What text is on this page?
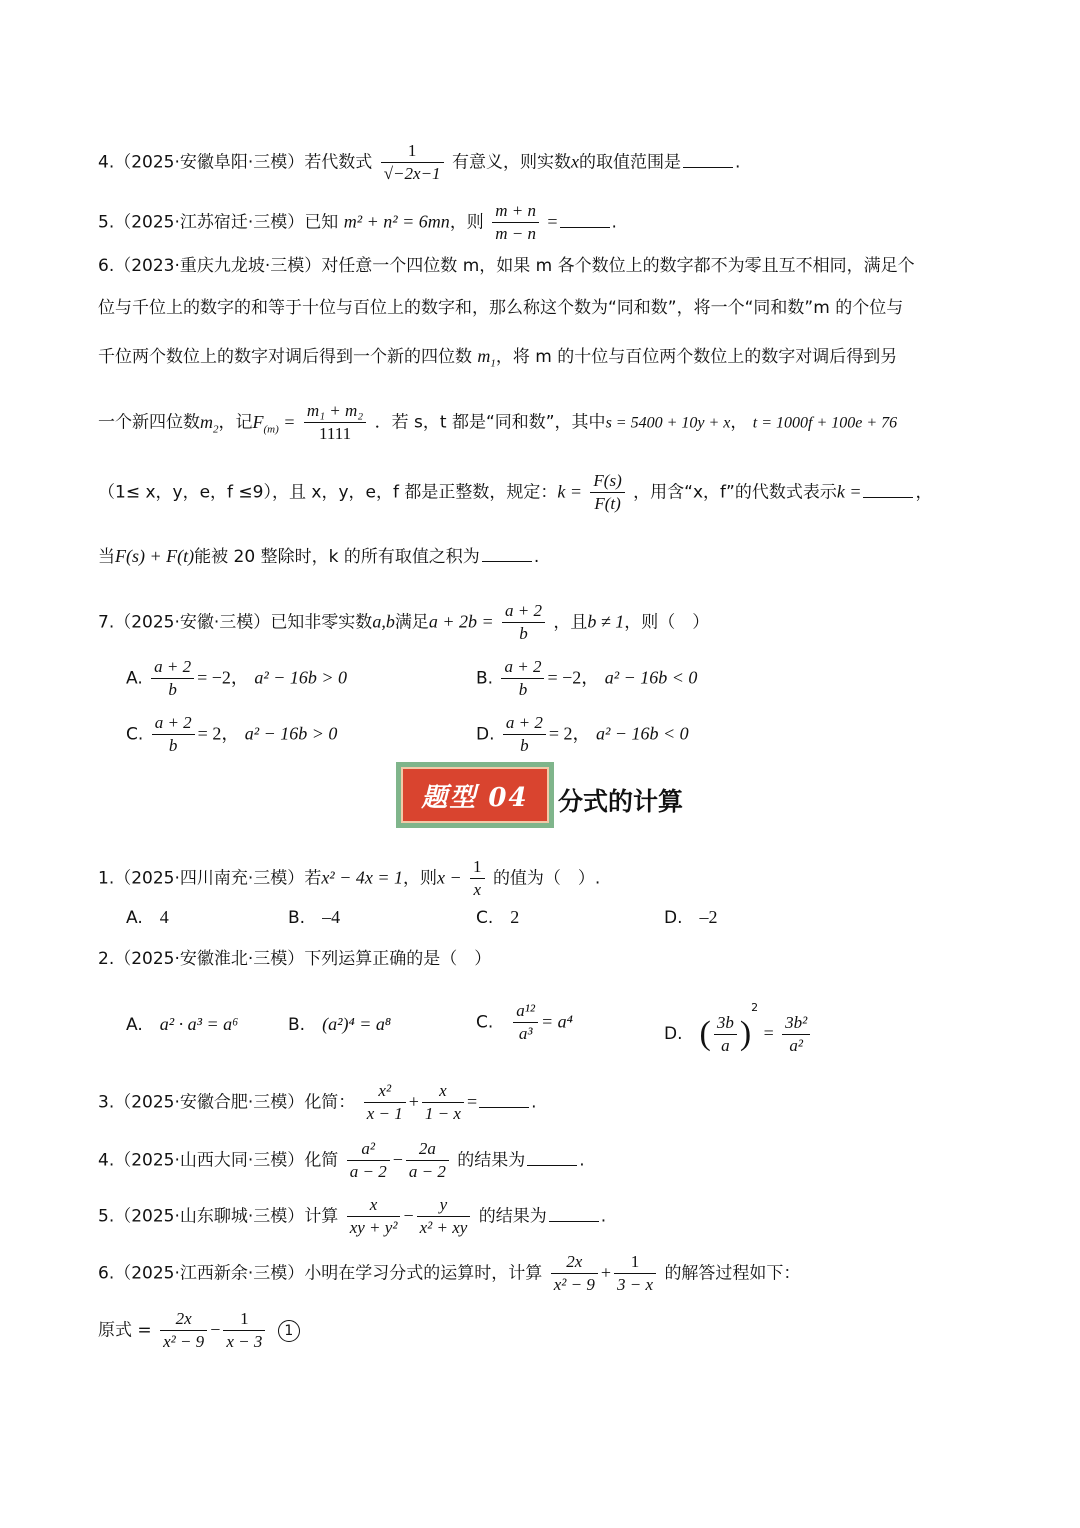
4.（2025·安徽阜阳·三模）若代数式 $\frac{1}{√-2x-1}$ 有意义，则实数x的取值范围是	.
5.（2025·江苏宿迁·三模）已知 m² + n² = 6mn，则 $\frac{m + n}{m - n}$ =	.
6.（2023·重庆九龙坡·三模）对任意一个四位数 m，如果 m 各个数位上的数字都不为零且互不相同，满足个
位与千位上的数字的和等于十位与百位上的数字和，那么称这个数为“同和数”，将一个“同和数”m 的个位与
千位两个数位上的数字对调后得到一个新的四位数 $m_1$，将 m 的十位与百位两个数位上的数字对调后得到另
一个新四位数$m_2$，记$F_{(m)} = \frac{\text{m₁ + m₂}}{1111}$ ．若 s，t 都是“同和数”，其中s = 5400 + 10y + x， t = 1000f + 100e + 76
（1≤ x，y，e，f ≤9），且 x，y，e，f 都是正整数，规定：$k = \frac{F(s)}{F(t)}$ ，用含“x，f”的代数式表示k =	，
当F(s) + F(t)能被 20 整除时，k 的所有取值之积为	.
7.（2025·安徽·三模）已知非零实数a,b满足$a + 2b = \frac{a + 2}{b}$ ，且b ≠ 1，则（　）
A. $\frac{a + 2}{b} = -2$， a² − 16b > 0	B. $\frac{a + 2}{b} = -2$， a² − 16b < 0
C. $\frac{a + 2}{b} = 2$， a² − 16b > 0	D. $\frac{a + 2}{b} = 2$， a² − 16b < 0
题型 04	分式的计算
1.（2025·四川南充·三模）若x² − 4x = 1，则$x - \frac{1}{x}$ 的值为（　）.
A.　 4	B.　 –4	C.　 2	D.　 –2
2.（2025·安徽淮北·三模）下列运算正确的是（　）
A.　 a² · a³ = a⁶	B.　 (a²)⁴ = a⁸	C.　 $\frac{\text{a¹²}}{\text{a³}} = a^4$
D.　 ( $\frac{3b}{a} )^2 = \frac{\text{3b²}}{\text{a²}}$
3.（2025·安徽合肥·三模）化简： $\frac{\text{x²}}{x - 1} + \frac{x}{1 - x}$ =	.
4.（2025·山西大同·三模）化简 $\frac{\text{a²}}{a - 2} - \frac{2a}{a - 2}$ 的结果为	.
5.（2025·山东聊城·三模）计算 $\frac{x}{\text{xy + y²}} - \frac{y}{\text{x² + xy}}$ 的结果为	.
6.（2025·江西新余·三模）小明在学习分式的运算时，计算 $\frac{2x}{\text{x² − 9}} + \frac{1}{3 - x}$ 的解答过程如下：
原式 = $\frac{2x}{\text{x² − 9}} - \frac{1}{x - 3} 1$
